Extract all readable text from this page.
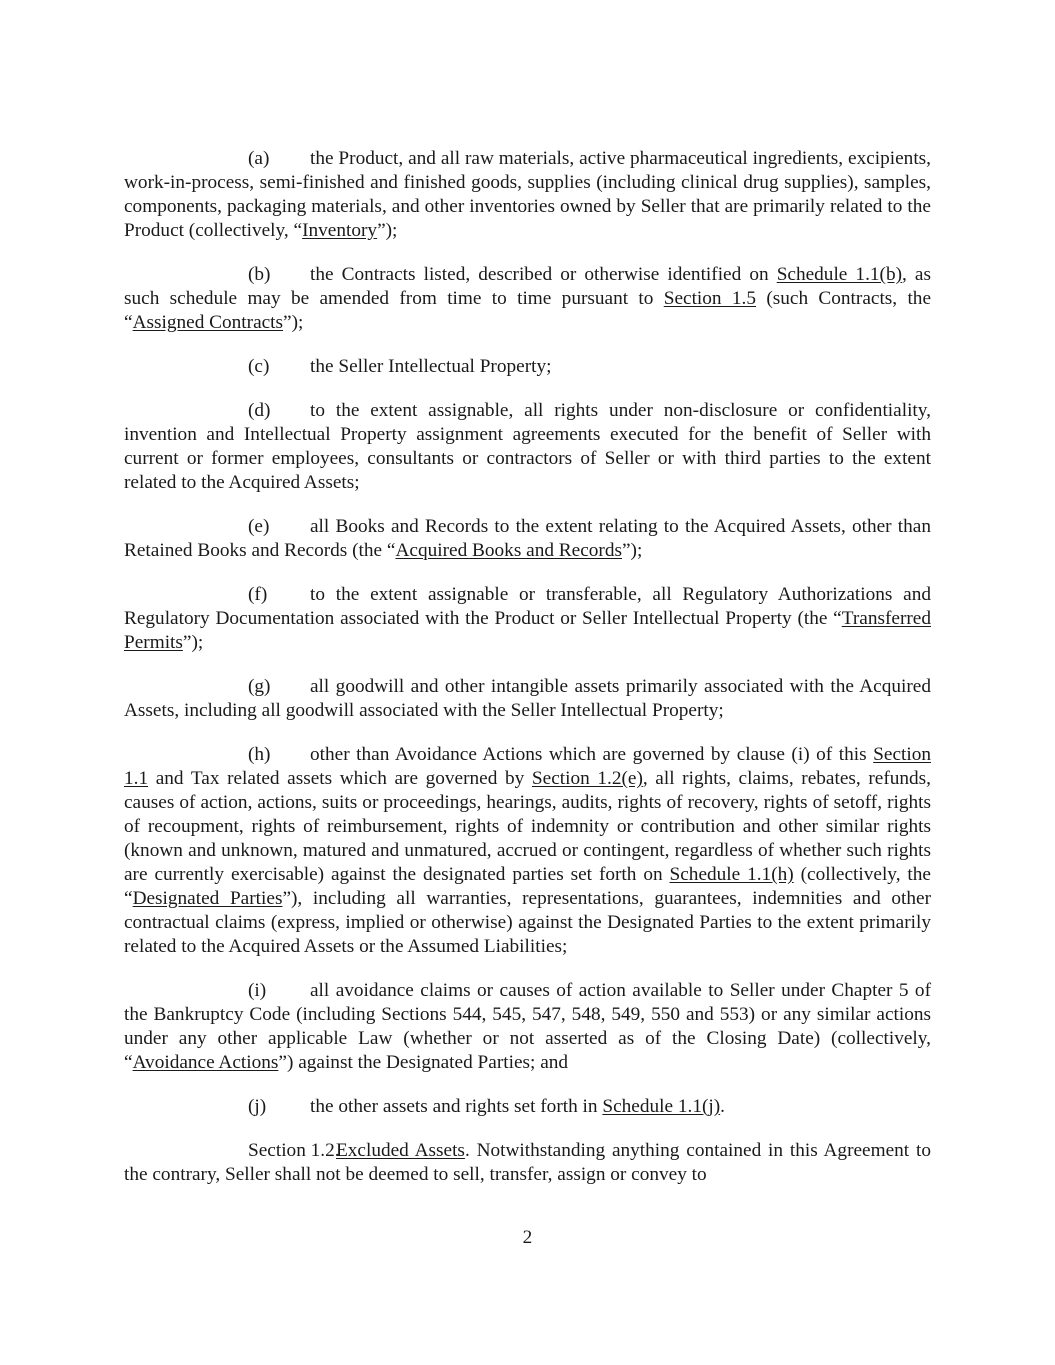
(a) the Product, and all raw materials, active pharmaceutical ingredients, excipients, work-in-process, semi-finished and finished goods, supplies (including clinical drug supplies), samples, components, packaging materials, and other inventories owned by Seller that are primarily related to the Product (collectively, “Inventory”);

(b) the Contracts listed, described or otherwise identified on Schedule 1.1(b), as such schedule may be amended from time to time pursuant to Section 1.5 (such Contracts, the “Assigned Contracts”);

(c) the Seller Intellectual Property;

(d) to the extent assignable, all rights under non-disclosure or confidentiality, invention and Intellectual Property assignment agreements executed for the benefit of Seller with current or former employees, consultants or contractors of Seller or with third parties to the extent related to the Acquired Assets;

(e) all Books and Records to the extent relating to the Acquired Assets, other than Retained Books and Records (the “Acquired Books and Records”);

(f) to the extent assignable or transferable, all Regulatory Authorizations and Regulatory Documentation associated with the Product or Seller Intellectual Property (the “Transferred Permits”);

(g) all goodwill and other intangible assets primarily associated with the Acquired Assets, including all goodwill associated with the Seller Intellectual Property;

(h) other than Avoidance Actions which are governed by clause (i) of this Section 1.1 and Tax related assets which are governed by Section 1.2(e), all rights, claims, rebates, refunds, causes of action, actions, suits or proceedings, hearings, audits, rights of recovery, rights of setoff, rights of recoupment, rights of reimbursement, rights of indemnity or contribution and other similar rights (known and unknown, matured and unmatured, accrued or contingent, regardless of whether such rights are currently exercisable) against the designated parties set forth on Schedule 1.1(h) (collectively, the “Designated Parties”), including all warranties, representations, guarantees, indemnities and other contractual claims (express, implied or otherwise) against the Designated Parties to the extent primarily related to the Acquired Assets or the Assumed Liabilities;

(i) all avoidance claims or causes of action available to Seller under Chapter 5 of the Bankruptcy Code (including Sections 544, 545, 547, 548, 549, 550 and 553) or any similar actions under any other applicable Law (whether or not asserted as of the Closing Date) (collectively, “Avoidance Actions”) against the Designated Parties; and

(j) the other assets and rights set forth in Schedule 1.1(j).

Section 1.2.Excluded Assets. Notwithstanding anything contained in this Agreement to the contrary, Seller shall not be deemed to sell, transfer, assign or convey to

2
